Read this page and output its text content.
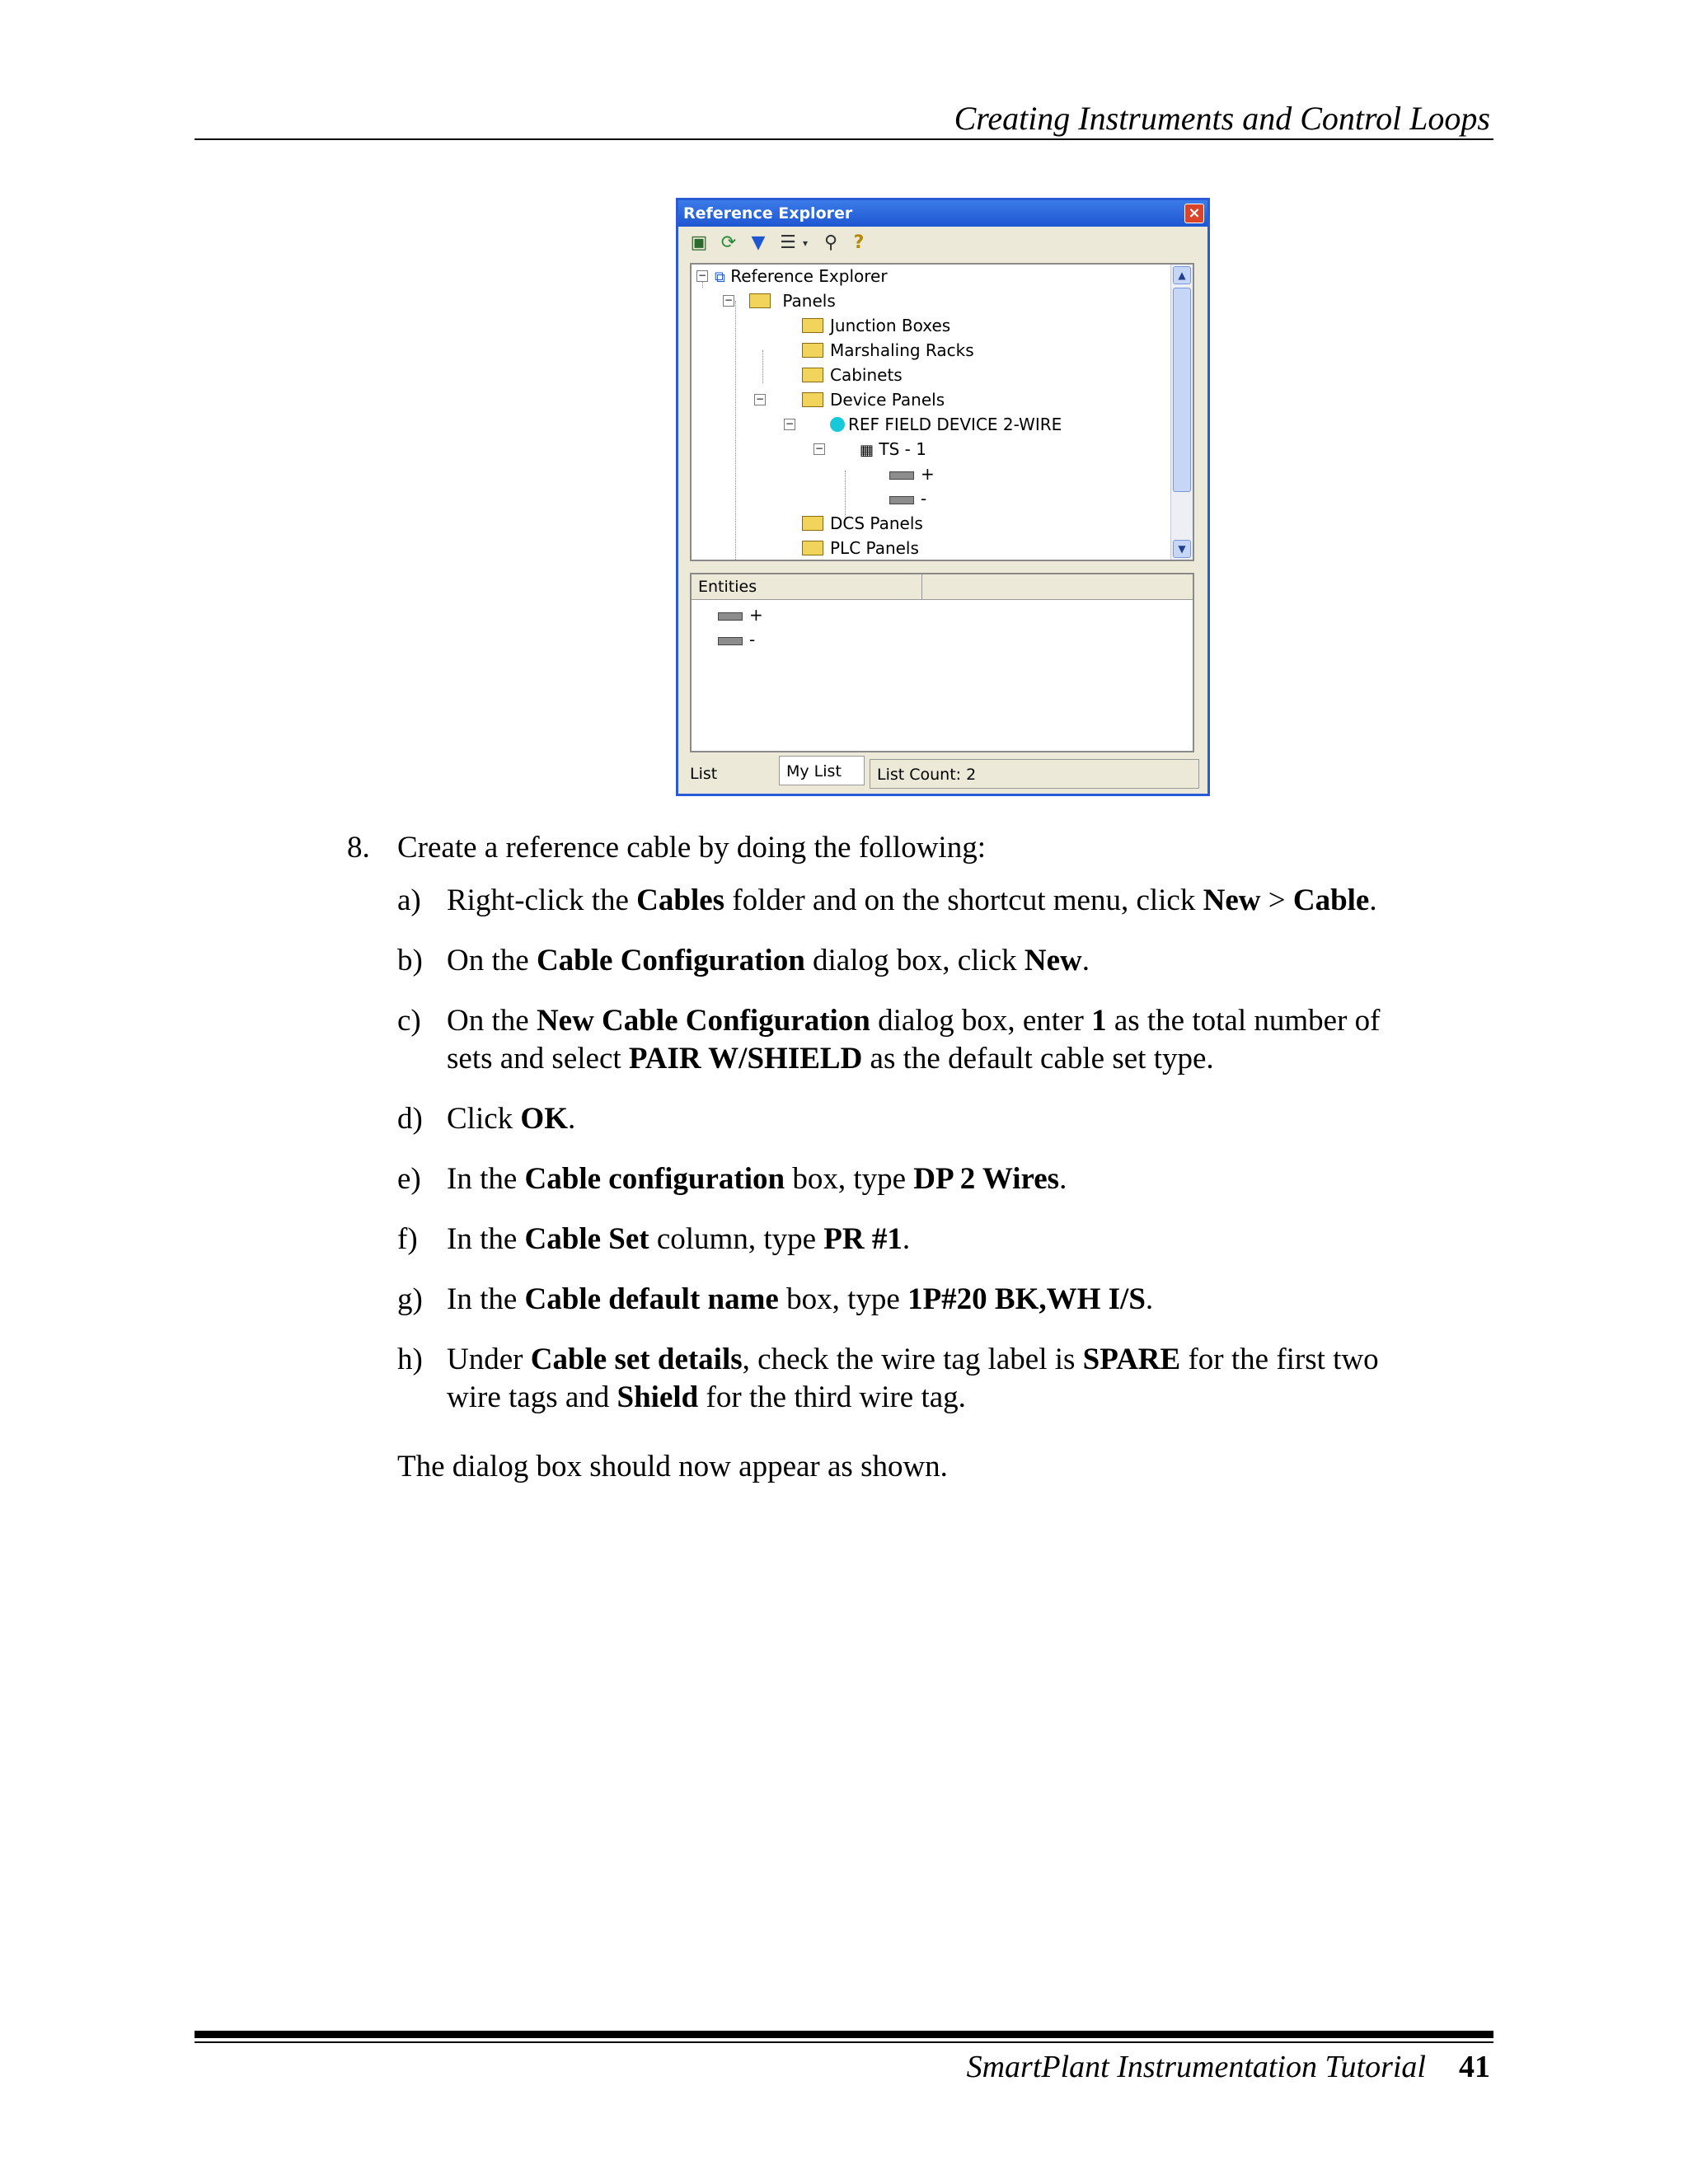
Creating Instruments and Control Loops
Reference Explorer	×
▣ ⟳ ▼ ☰ ▾ ⚲ ?
− ⧉ Reference Explorer
−	Panels
Junction Boxes
Marshaling Racks
Cabinets
−	Device Panels
−	REF FIELD DEVICE 2-WIRE
− ▦ TS - 1
+
-
DCS Panels
PLC Panels
▲
▼
Entities
+
-
List	My List	List Count: 2
8. Create a reference cable by doing the following:
a) Right-click the Cables folder and on the shortcut menu, click New > Cable.
b) On the Cable Configuration dialog box, click New.
c) On the New Cable Configuration dialog box, enter 1 as the total number of
sets and select PAIR W/SHIELD as the default cable set type.
d) Click OK.
e) In the Cable configuration box, type DP 2 Wires.
f) In the Cable Set column, type PR #1.
g) In the Cable default name box, type 1P#20 BK,WH I/S.
h) Under Cable set details, check the wire tag label is SPARE for the first two
wire tags and Shield for the third wire tag.
The dialog box should now appear as shown.
SmartPlant Instrumentation Tutorial 41
